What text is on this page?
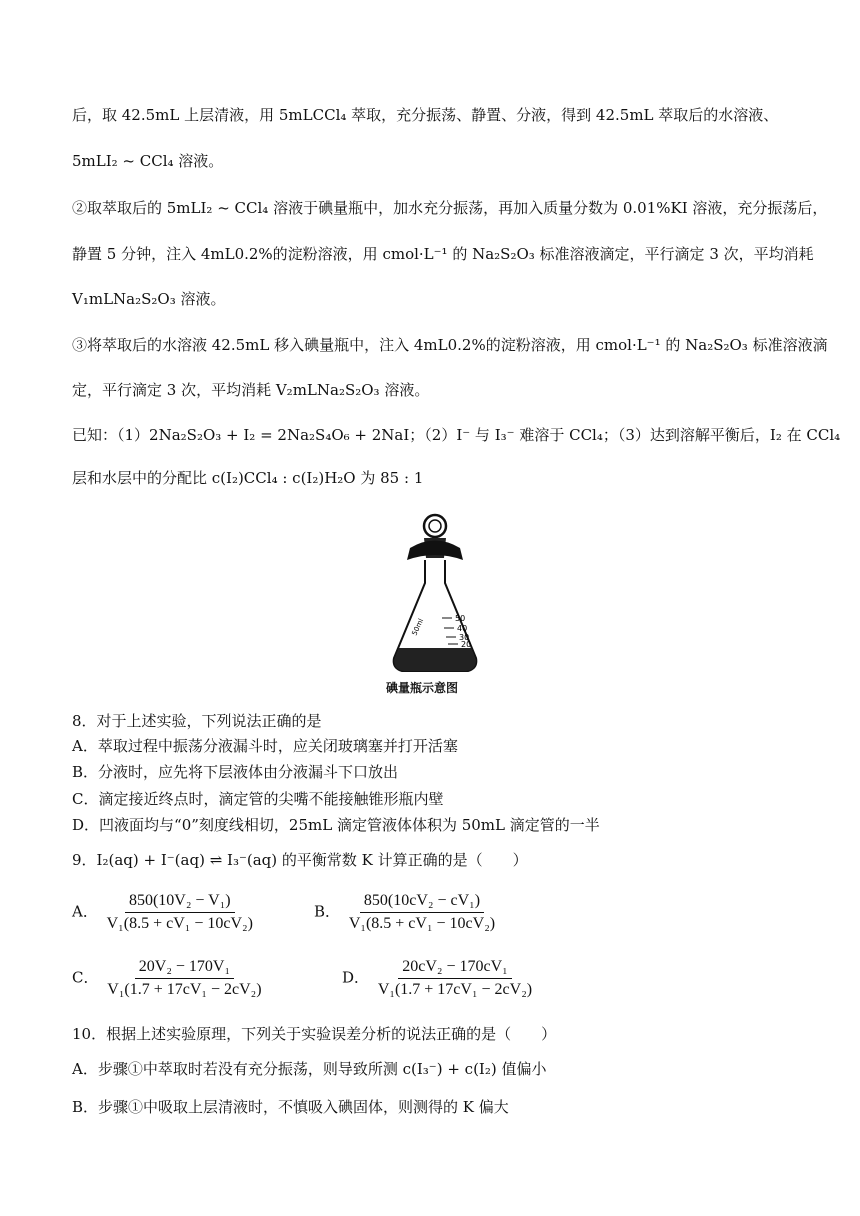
后，取 42.5mL 上层清液，用 5mLCCl₄ 萃取，充分振荡、静置、分液，得到 42.5mL 萃取后的水溶液、
5mLI₂ ~ CCl₄ 溶液。
②取萃取后的 5mLI₂ ~ CCl₄ 溶液于碘量瓶中，加水充分振荡，再加入质量分数为 0.01%KI 溶液，充分振荡后，
静置 5 分钟，注入 4mL0.2%的淀粉溶液，用 cmol·L⁻¹ 的 Na₂S₂O₃ 标准溶液滴定，平行滴定 3 次，平均消耗
V₁mLNa₂S₂O₃ 溶液。
③将萃取后的水溶液 42.5mL 移入碘量瓶中，注入 4mL0.2%的淀粉溶液，用 cmol·L⁻¹ 的 Na₂S₂O₃ 标准溶液滴
定，平行滴定 3 次，平均消耗 V₂mLNa₂S₂O₃ 溶液。
已知：（1）2Na₂S₂O₃ + I₂ = 2Na₂S₄O₆ + 2NaI；（2）I⁻ 与 I₃⁻ 难溶于 CCl₄；（3）达到溶解平衡后，I₂ 在 CCl₄
层和水层中的分配比 c(I₂)CCl₄ : c(I₂)H₂O 为 85 : 1
50
40
30
20
50ml
碘量瓶示意图
8．对于上述实验，下列说法正确的是
A．萃取过程中振荡分液漏斗时，应关闭玻璃塞并打开活塞
B．分液时，应先将下层液体由分液漏斗下口放出
C．滴定接近终点时，滴定管的尖嘴不能接触锥形瓶内壁
D．凹液面均与“0”刻度线相切，25mL 滴定管液体体积为 50mL 滴定管的一半
9．I₂(aq) + I⁻(aq) ⇌ I₃⁻(aq) 的平衡常数 K 计算正确的是（　　）
A． $\frac{\text{850(10V₂ − V₁)}}{\text{V₁(8.5 + cV₁ − 10cV₂)}}$	B． $\frac{\text{850(10cV₂ − cV₁)}}{\text{V₁(8.5 + cV₁ − 10cV₂)}}$
C． $\frac{\text{20V₂ − 170V₁}}{\text{V₁(1.7 + 17cV₁ − 2cV₂)}}$	D． $\frac{\text{20cV₂ − 170cV₁}}{\text{V₁(1.7 + 17cV₁ − 2cV₂)}}$
10．根据上述实验原理，下列关于实验误差分析的说法正确的是（　　）
A．步骤①中萃取时若没有充分振荡，则导致所测 c(I₃⁻) + c(I₂) 值偏小
B．步骤①中吸取上层清液时，不慎吸入碘固体，则测得的 K 偏大
